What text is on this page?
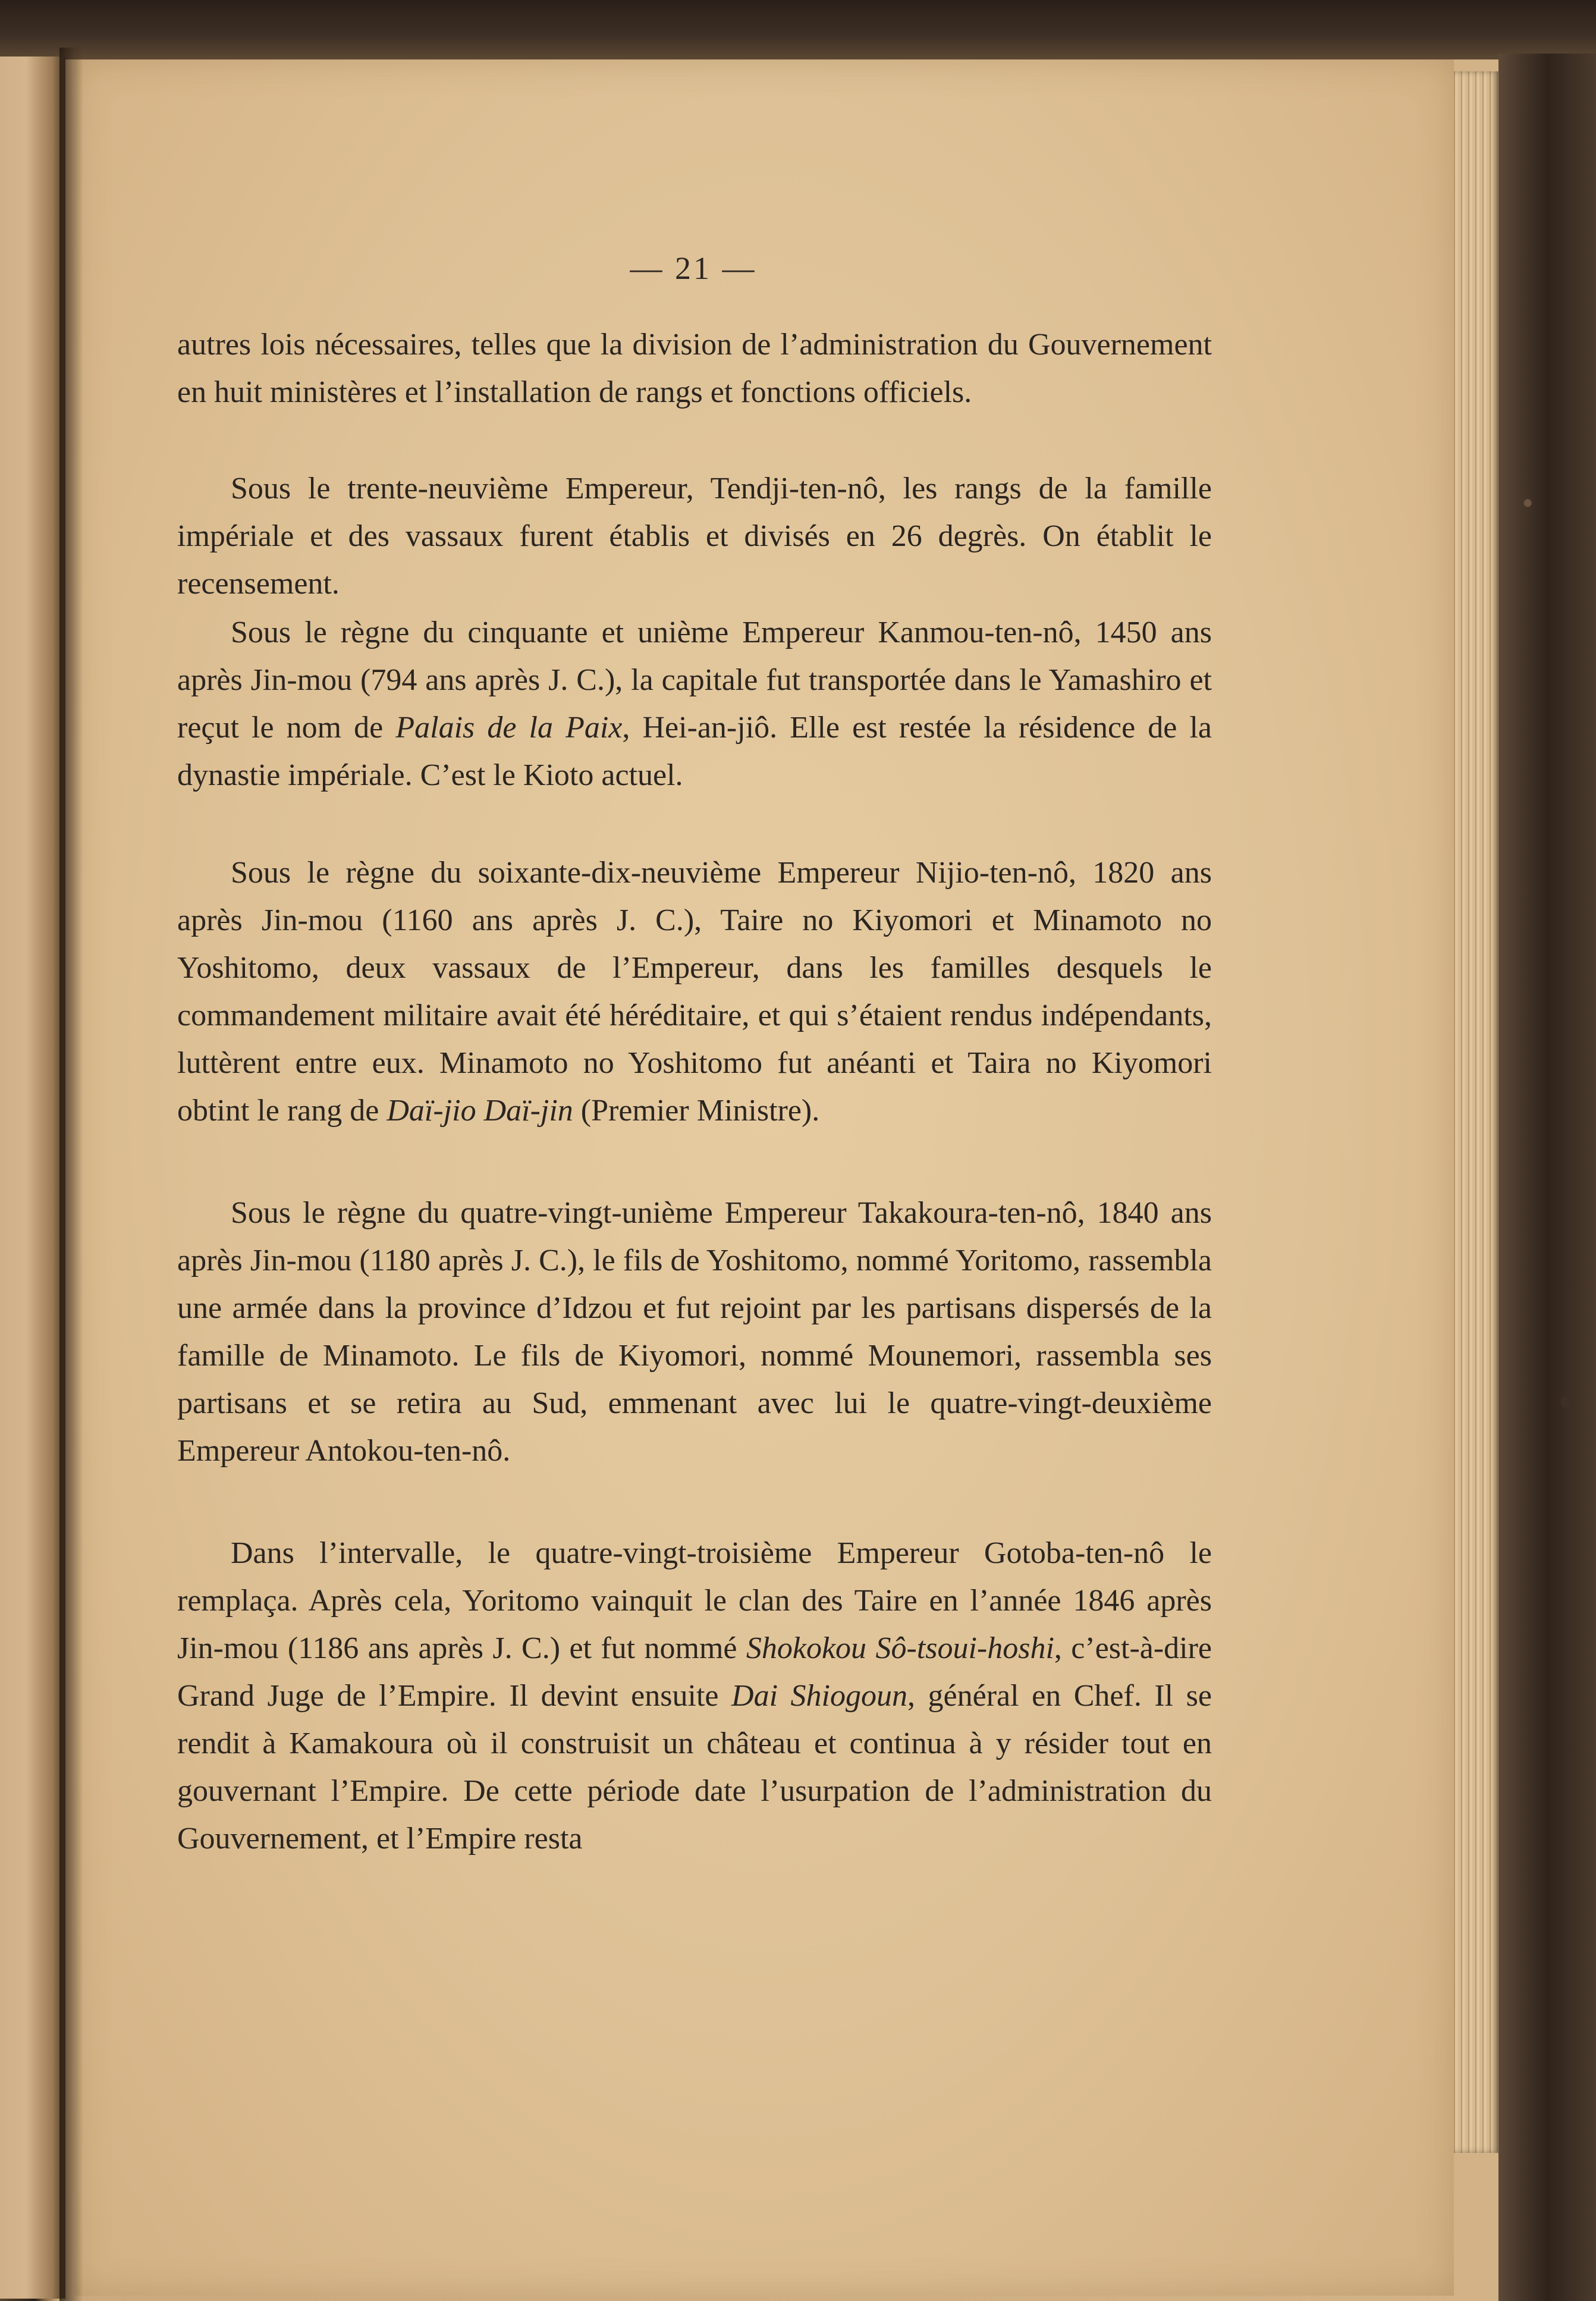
— 21 —

autres lois nécessaires, telles que la division de l’administration du Gouvernement en huit ministères et l’installation de rangs et fonctions officiels.

Sous le trente-neuvième Empereur, Tendji-ten-nô, les rangs de la famille impériale et des vassaux furent établis et divisés en 26 degrès. On établit le recensement.

Sous le règne du cinquante et unième Empereur Kanmou-ten-nô, 1450 ans après Jin-mou (794 ans après J. C.), la capitale fut transportée dans le Yamashiro et reçut le nom de Palais de la Paix, Hei-an-jiô. Elle est restée la résidence de la dynastie impériale. C’est le Kioto actuel.

Sous le règne du soixante-dix-neuvième Empereur Nijio-ten-nô, 1820 ans après Jin-mou (1160 ans après J. C.), Taire no Kiyomori et Minamoto no Yoshitomo, deux vassaux de l’Empereur, dans les familles desquels le commandement militaire avait été héréditaire, et qui s’étaient rendus indépendants, luttèrent entre eux. Minamoto no Yoshitomo fut anéanti et Taira no Kiyomori obtint le rang de Daï-jio Daï-jin (Premier Ministre).

Sous le règne du quatre-vingt-unième Empereur Takakoura-ten-nô, 1840 ans après Jin-mou (1180 après J. C.), le fils de Yoshitomo, nommé Yoritomo, rassembla une armée dans la province d’Idzou et fut rejoint par les partisans dispersés de la famille de Minamoto. Le fils de Kiyomori, nommé Mounemori, rassembla ses partisans et se retira au Sud, emmenant avec lui le quatre-vingt-deuxième Empereur Antokou-ten-nô.

Dans l’intervalle, le quatre-vingt-troisième Empereur Gotoba-ten-nô le remplaça. Après cela, Yoritomo vainquit le clan des Taire en l’année 1846 après Jin-mou (1186 ans après J. C.) et fut nommé Shokokou Sô-tsoui-hoshi, c’est-à-dire Grand Juge de l’Empire. Il devint ensuite Dai Shiogoun, général en Chef. Il se rendit à Kamakoura où il construisit un château et continua à y résider tout en gouvernant l’Empire. De cette période date l’usurpation de l’administration du Gouvernement, et l’Empire resta
